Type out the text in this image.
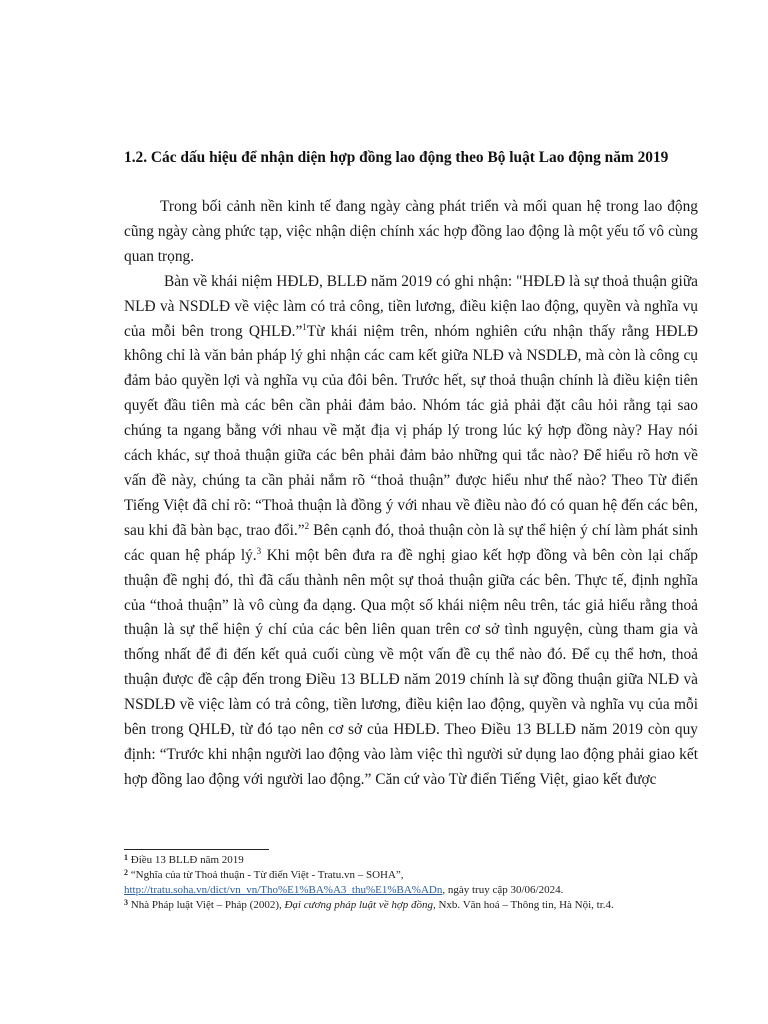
1.2. Các dấu hiệu để nhận diện hợp đồng lao động theo Bộ luật Lao động năm 2019

Trong bối cảnh nền kinh tế đang ngày càng phát triển và mối quan hệ trong lao động cũng ngày càng phức tạp, việc nhận diện chính xác hợp đồng lao động là một yếu tố vô cùng quan trọng.

Bàn về khái niệm HĐLĐ, BLLĐ năm 2019 có ghi nhận: "HĐLĐ là sự thoả thuận giữa NLĐ và NSDLĐ về việc làm có trả công, tiền lương, điều kiện lao động, quyền và nghĩa vụ của mỗi bên trong QHLĐ.”$^1$Từ khái niệm trên, nhóm nghiên cứu nhận thấy rằng HĐLĐ không chỉ là văn bản pháp lý ghi nhận các cam kết giữa NLĐ và NSDLĐ, mà còn là công cụ đảm bảo quyền lợi và nghĩa vụ của đôi bên. Trước hết, sự thoả thuận chính là điều kiện tiên quyết đầu tiên mà các bên cần phải đảm bảo. Nhóm tác giả phải đặt câu hỏi rằng tại sao chúng ta ngang bằng với nhau về mặt địa vị pháp lý trong lúc ký hợp đồng này? Hay nói cách khác, sự thoả thuận giữa các bên phải đảm bảo những qui tắc nào? Để hiểu rõ hơn về vấn đề này, chúng ta cần phải nắm rõ “thoả thuận” được hiểu như thế nào? Theo Từ điển Tiếng Việt đã chỉ rõ: “Thoả thuận là đồng ý với nhau về điều nào đó có quan hệ đến các bên, sau khi đã bàn bạc, trao đổi.”$^2$ Bên cạnh đó, thoả thuận còn là sự thể hiện ý chí làm phát sinh các quan hệ pháp lý.$^3$ Khi một bên đưa ra đề nghị giao kết hợp đồng và bên còn lại chấp thuận đề nghị đó, thì đã cấu thành nên một sự thoả thuận giữa các bên. Thực tế, định nghĩa của “thoả thuận” là vô cùng đa dạng. Qua một số khái niệm nêu trên, tác giả hiểu rằng thoả thuận là sự thể hiện ý chí của các bên liên quan trên cơ sở tình nguyện, cùng tham gia và thống nhất để đi đến kết quả cuối cùng về một vấn đề cụ thể nào đó. Để cụ thể hơn, thoả thuận được đề cập đến trong Điều 13 BLLĐ năm 2019 chính là sự đồng thuận giữa NLĐ và NSDLĐ về việc làm có trả công, tiền lương, điều kiện lao động, quyền và nghĩa vụ của mỗi bên trong QHLĐ, từ đó tạo nên cơ sở của HĐLĐ. Theo Điều 13 BLLĐ năm 2019 còn quy định: “Trước khi nhận người lao động vào làm việc thì người sử dụng lao động phải giao kết hợp đồng lao động với người lao động.” Căn cứ vào Từ điển Tiếng Việt, giao kết được

$^1$ Điều 13 BLLĐ năm 2019

$^2$ “Nghĩa của từ Thoả thuận - Từ điển Việt - Tratu.vn – SOHA”, http://tratu.soha.vn/dict/vn_vn/Tho%E1%BA%A3_thu%E1%BA%ADn, ngày truy cập 30/06/2024.

$^3$ Nhà Pháp luật Việt – Pháp (2002), Đại cương pháp luật về hợp đồng, Nxb. Văn hoá – Thông tin, Hà Nội, tr.4.
